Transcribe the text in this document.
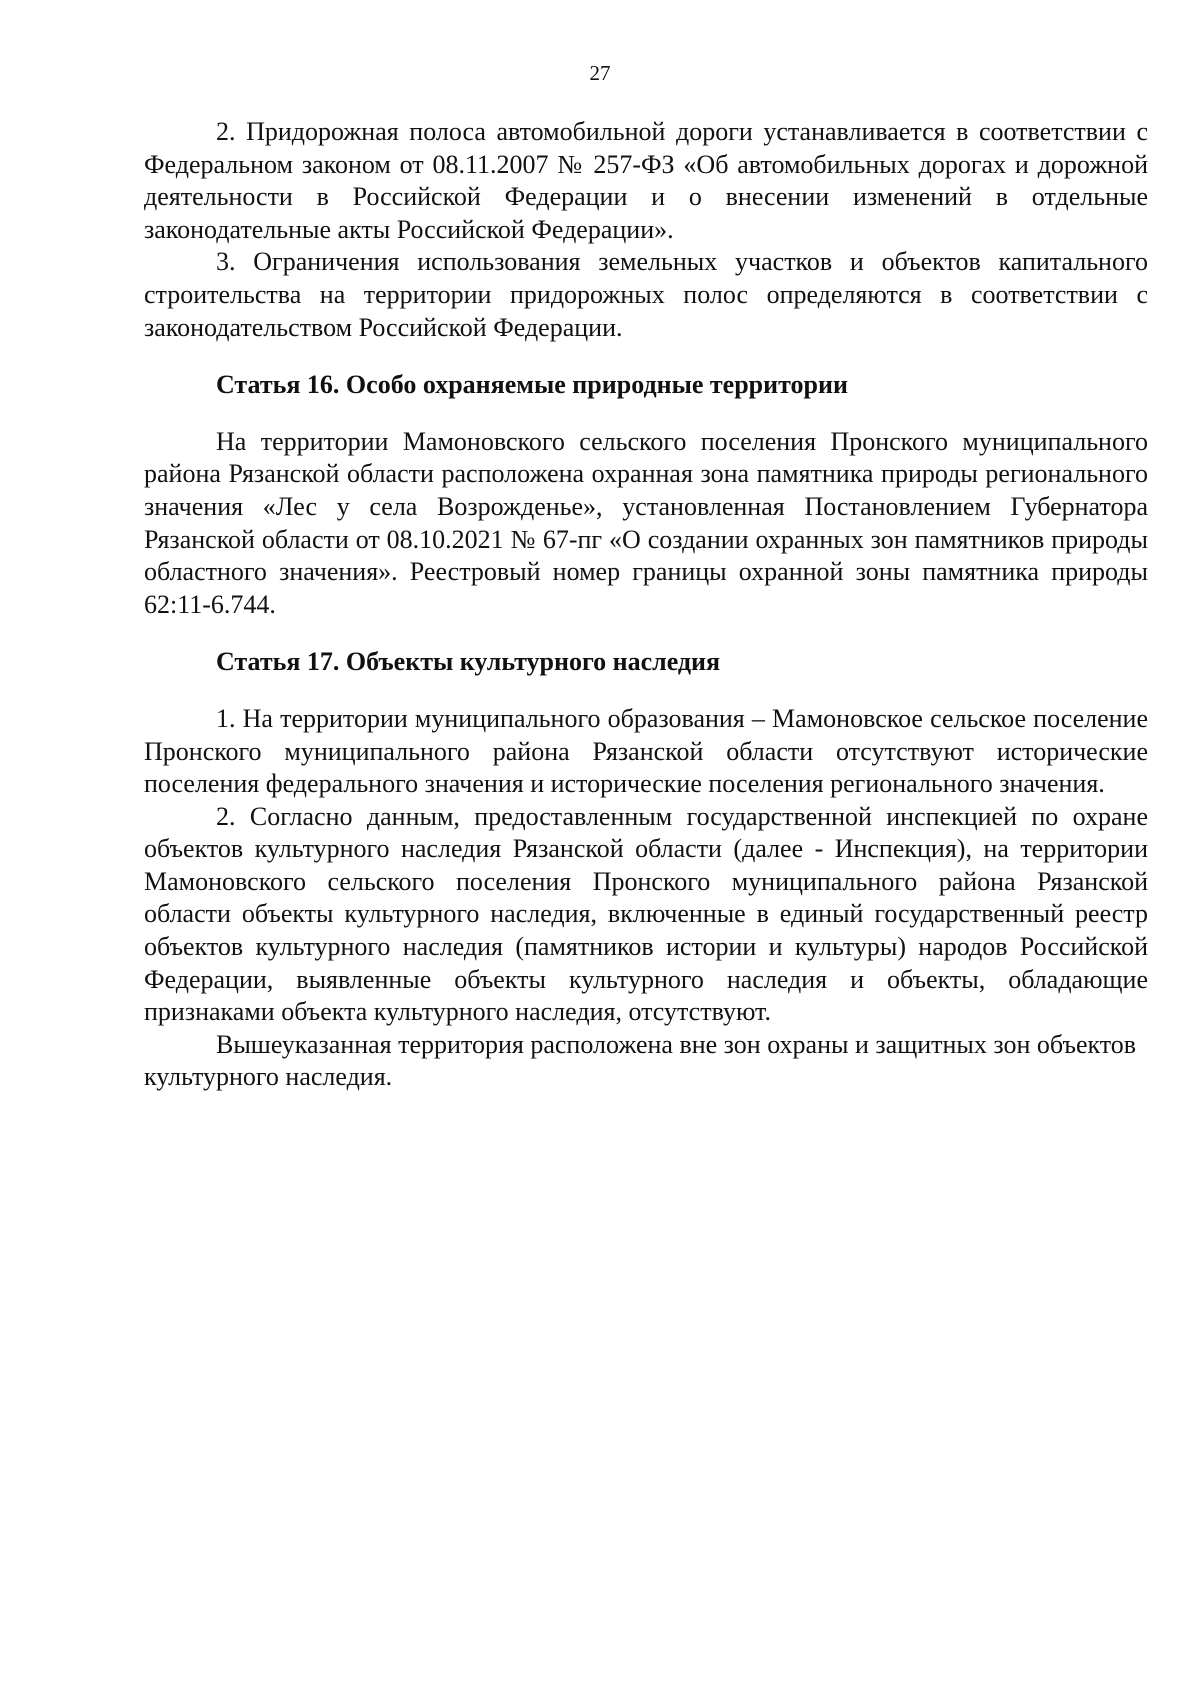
27

2. Придорожная полоса автомобильной дороги устанавливается в соответствии с Федеральном законом от 08.11.2007 № 257-ФЗ «Об автомобильных дорогах и дорожной деятельности в Российской Федерации и о внесении изменений в отдельные законодательные акты Российской Федерации».

3. Ограничения использования земельных участков и объектов капитального строительства на территории придорожных полос определяются в соответствии с законодательством Российской Федерации.

Статья 16. Особо охраняемые природные территории

На территории Мамоновского сельского поселения Пронского муниципального района Рязанской области расположена охранная зона памятника природы регионального значения «Лес у села Возрожденье», установленная Постановлением Губернатора Рязанской области от 08.10.2021 № 67-пг «О создании охранных зон памятников природы областного значения». Реестровый номер границы охранной зоны памятника природы 62:11-6.744.

Статья 17. Объекты культурного наследия

1. На территории муниципального образования – Мамоновское сельское поселение Пронского муниципального района Рязанской области отсутствуют исторические поселения федерального значения и исторические поселения регионального значения.

2. Согласно данным, предоставленным государственной инспекцией по охране объектов культурного наследия Рязанской области (далее - Инспекция), на территории Мамоновского сельского поселения Пронского муниципального района Рязанской области объекты культурного наследия, включенные в единый государственный реестр объектов культурного наследия (памятников истории и культуры) народов Российской Федерации, выявленные объекты культурного наследия и объекты, обладающие признаками объекта культурного наследия, отсутствуют.

Вышеуказанная территория расположена вне зон охраны и защитных зон объектов культурного наследия.
